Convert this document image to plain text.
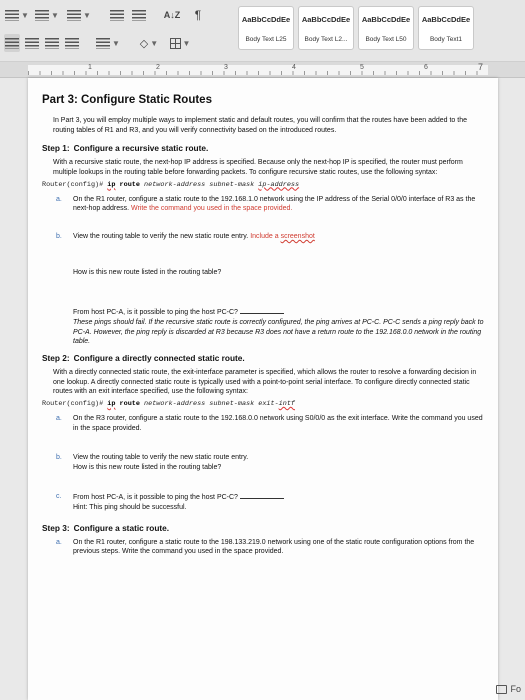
▼	▼	▼	A↓Z ¶
▼ ◇ ▼	▼
AaBbCcDdEe
Body Text L25
AaBbCcDdEe
Body Text L2...
AaBbCcDdEe
Body Text L50
AaBbCcDdEe
Body Text1
1	2	3	4	5	6	7
Part 3: Configure Static Routes
In Part 3, you will employ multiple ways to implement static and default routes, you will confirm that the routes have been added to the routing tables of R1 and R3, and you will verify connectivity based on the introduced routes.
Step 1: Configure a recursive static route.
With a recursive static route, the next-hop IP address is specified. Because only the next-hop IP is specified, the router must perform multiple lookups in the routing table before forwarding packets. To configure recursive static routes, use the following syntax:
Router(config)# ip route network-address subnet-mask ip-address
a. On the R1 router, configure a static route to the 192.168.1.0 network using the IP address of the Serial 0/0/0 interface of R3 as the next-hop address. Write the command you used in the space provided.
b. View the routing table to verify the new static route entry. Include a screenshot
How is this new route listed in the routing table?
From host PC-A, is it possible to ping the host PC-C?
These pings should fail. If the recursive static route is correctly configured, the ping arrives at PC-C. PC-C sends a ping reply back to PC-A. However, the ping reply is discarded at R3 because R3 does not have a return route to the 192.168.0.0 network in the routing table.
Step 2: Configure a directly connected static route.
With a directly connected static route, the exit-interface parameter is specified, which allows the router to resolve a forwarding decision in one lookup. A directly connected static route is typically used with a point-to-point serial interface. To configure directly connected static routes with an exit interface specified, use the following syntax:
Router(config)# ip route network-address subnet-mask exit-intf
a. On the R3 router, configure a static route to the 192.168.0.0 network using S0/0/0 as the exit interface. Write the command you used in the space provided.
b. View the routing table to verify the new static route entry.
How is this new route listed in the routing table?
c. From host PC-A, is it possible to ping the host PC-C?
Hint: This ping should be successful.
Step 3: Configure a static route.
a. On the R1 router, configure a static route to the 198.133.219.0 network using one of the static route configuration options from the previous steps. Write the command you used in the space provided.
Fo
